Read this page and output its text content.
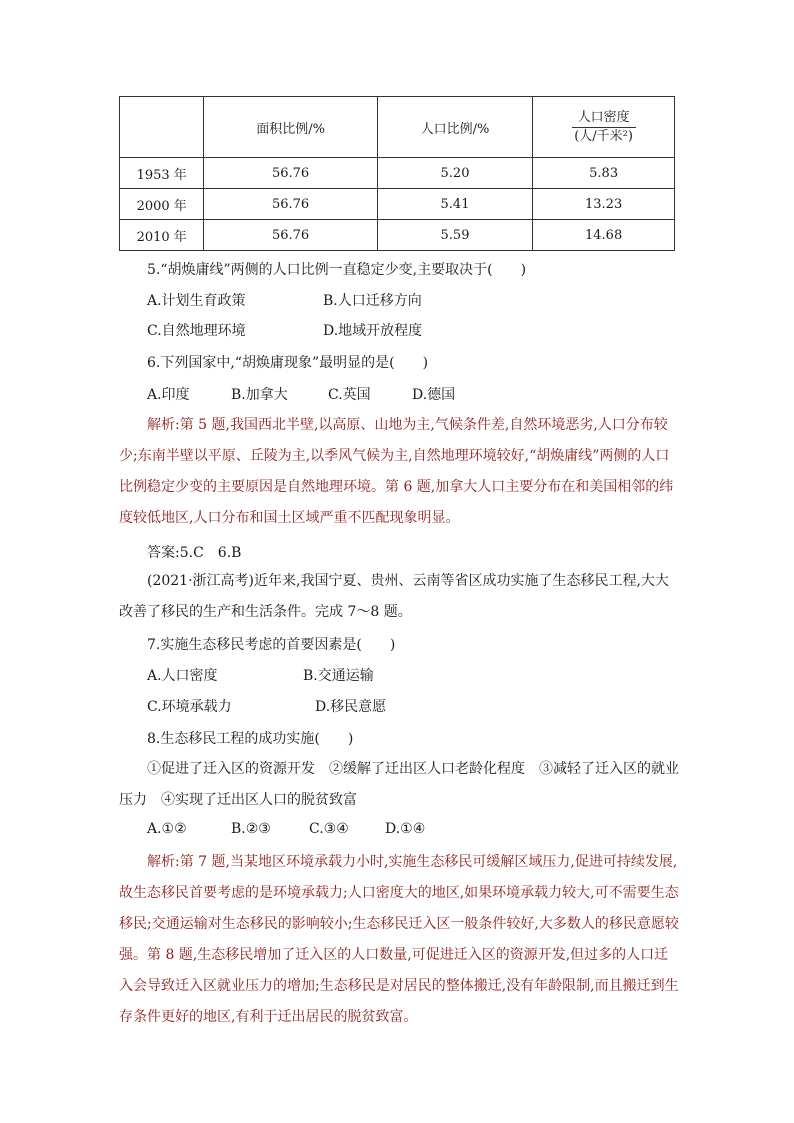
	面积比例/%	人口比例/%	$\frac{\text{人口密度}}{\text{(人/千米²)}}$

1953 年	56.76	5.20	5.83
2000 年	56.76	5.41	13.23
2010 年	56.76	5.59	14.68
5.“胡焕庸线”两侧的人口比例一直稳定少变,主要取决于(　　)
A.计划生育政策	B.人口迁移方向
C.自然地理环境	D.地域开放程度
6.下列国家中,“胡焕庸现象”最明显的是(　　)
A.印度	B.加拿大	C.英国	D.德国
解析:第 5 题,我国西北半壁,以高原、山地为主,气候条件差,自然环境恶劣,人口分布较少;东南半壁以平原、丘陵为主,以季风气候为主,自然地理环境较好,“胡焕庸线”两侧的人口比例稳定少变的主要原因是自然地理环境。第 6 题,加拿大人口主要分布在和美国相邻的纬度较低地区,人口分布和国土区域严重不匹配现象明显。
答案:5.C　6.B
(2021·浙江高考)近年来,我国宁夏、贵州、云南等省区成功实施了生态移民工程,大大改善了移民的生产和生活条件。完成 7～8 题。
7.实施生态移民考虑的首要因素是(　　)
A.人口密度	B.交通运输
C.环境承载力	D.移民意愿
8.生态移民工程的成功实施(　　)
①促进了迁入区的资源开发　②缓解了迁出区人口老龄化程度　③减轻了迁入区的就业压力　④实现了迁出区人口的脱贫致富
A.①②	B.②③	C.③④	D.①④
解析:第 7 题,当某地区环境承载力小时,实施生态移民可缓解区域压力,促进可持续发展,故生态移民首要考虑的是环境承载力;人口密度大的地区,如果环境承载力较大,可不需要生态移民;交通运输对生态移民的影响较小;生态移民迁入区一般条件较好,大多数人的移民意愿较强。第 8 题,生态移民增加了迁入区的人口数量,可促进迁入区的资源开发,但过多的人口迁入会导致迁入区就业压力的增加;生态移民是对居民的整体搬迁,没有年龄限制,而且搬迁到生存条件更好的地区,有利于迁出居民的脱贫致富。
